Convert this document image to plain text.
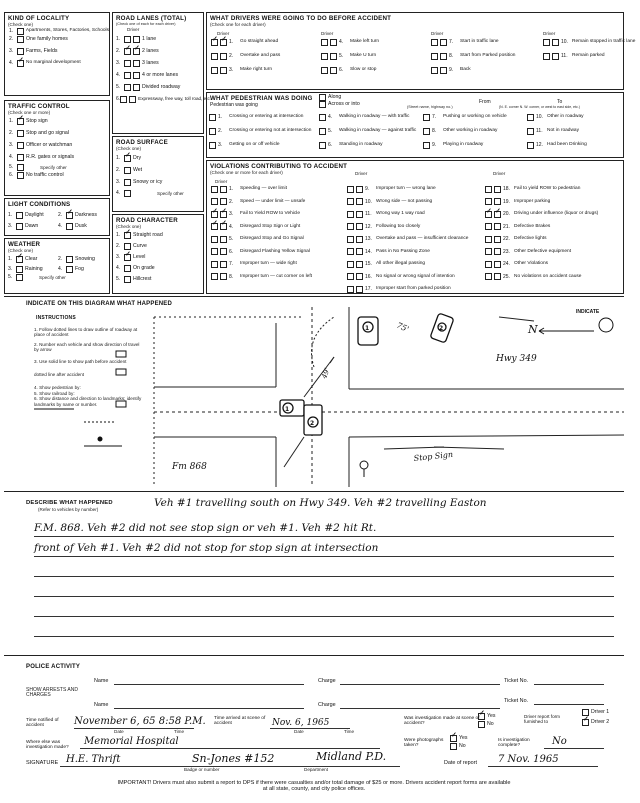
KIND OF LOCALITY
(Check one)
1.	Apartments, Stores, Factories, Schools
2.	One family homes
3.	Farms, Fields
4. ✓	No marginal development
TRAFFIC CONTROL
(Check one or more)
1. ✓	Stop sign
2.	Stop and go signal
3.	Officer or watchman
4.	R.R. gates or signals
5.	Specify other
6.	No traffic control
LIGHT CONDITIONS
1.	Daylight	2. ✓	Darkness
3.	Dawn	4.	Dusk
WEATHER
(Check one)
1. ✓	Clear	2.	Snowing
3.	Raining	4.	Fog
5.	Specify other
ROAD LANES (TOTAL)
(Check one of each for each driver)
Driver
1.	1 lane
2. ✓ ✓	2 lanes
3.	3 lanes
4.	4 or more lanes
5.	Divided roadway
6.	Expressway, free way, toll road, etc.
ROAD SURFACE
(Check one)
1. ✓	Dry
2.	Wet
3.	Snowy or icy
4.	Specify other
ROAD CHARACTER
(Check one)
1. ✓	Straight road
2.	Curve
3. ✓	Level
4.	On grade
5.	Hillcrest
WHAT DRIVERS WERE GOING TO DO BEFORE ACCIDENT
(Check one for each driver)
Driver	Driver	Driver	Driver
✓
✓
1.	Go straight ahead
2.	Overtake and pass
3.	Make right turn
4.	Make left turn
5.	Make U turn
6.	Slow or stop
7.	Start in traffic lane
8.	Start from Parked position
9.	Back
10. Remain stopped in traffic lane
11. Remain parked
WHAT PEDESTRIAN WAS DOING
Pedestrian was going
Along
Across or into	(Street name, highway no.)
From	To
(N. E. corner N. W. corner, or west to east side, etc.)
1.	Crossing or entering at intersection
2.	Crossing or entering not at intersection
3.	Getting on or off vehicle
4.	Walking in roadway — with traffic
5.	Walking in roadway — against traffic
6.	Standing in roadway
7.	Pushing or working on vehicle
8.	Other working in roadway
9.	Playing in roadway
10. Other in roadway
11. Not in roadway
12. Had been Drinking
VIOLATIONS CONTRIBUTING TO ACCIDENT
(Check one or more for each driver)
Driver
Driver	Driver
1.	Speeding — over limit
2.	Speed — under limit — unsafe
✓
✓
3.	Fail to Yield ROW to Vehicle
✓
✓
4.	Disregard Stop Sign or Light
5.	Disregard Stop and Go Signal
6.	Disregard Flashing Yellow Signal
7.	Improper turn — wide right
8.	Improper turn — cut corner on left
9.	Improper turn — wrong lane
10. Wrong side — not passing
11. Wrong way 1 way road
12. Following too closely
13. Overtake and pass — insufficient clearance
14. Pass in No Passing Zone
15. All other illegal passing
16. No signal or wrong signal of intention
17. Improper start from parked position
18. Fail to yield ROW to pedestrian
19. Improper parking
✓
✓
20. Driving under influence (liquor or drugs)
21. Defective Brakes
22. Defective lights
23. Other Defective equipment
24. Other Violations
25. No violations on accident cause
INDICATE ON THIS DIAGRAM WHAT HAPPENED
INSTRUCTIONS
1. Follow dotted lines to draw outline of roadway at place of accident
2. Number each vehicle and show direction of travel by arrow
3. Use solid line to show path before accident
dotted line after accident
4. Show pedestrian by:
5. Show railroad by:
6. Show distance and direction to landmarks; identify landmarks by name or number.
1	2
1
2
N
INDICATE
Hwy 349
Fm 868
Stop Sign
75'
49'
DESCRIBE WHAT HAPPENED
(Refer to vehicles by number)
Veh #1 travelling south on Hwy 349. Veh #2 travelling Easton
F.M. 868. Veh #2 did not see stop sign or veh #1. Veh #2 hit Rt.
front of Veh #1. Veh #2 did not stop for stop sign at intersection
POLICE ACTIVITY
SHOW ARRESTS AND CHARGES
Name	Charge	Ticket No.
Name	Charge
Ticket No.
Time notified of accident	November 6, 65 8:58 P.M.
Date	Time
Time arrived at scene of accident	Nov. 6, 1965
Date	Time
Was investigation made at scene of accident?
✓
Yes
No
Driver report form furnished to
Driver 1
✓
Driver 2
Where else was investigation made?
Memorial Hospital	Were photographs taken?
✓
Yes
No
Is investigation complete?	No
SIGNATURE H.E. Thrift	Sn-Jones #152	Midland P.D.
Badge or number	Department
Date of report 7 Nov. 1965
IMPORTANT! Drivers must also submit a report to DPS if there were casualties and/or total damage of $25 or more. Drivers accident report forms are available
at all state, county, and city police offices.
